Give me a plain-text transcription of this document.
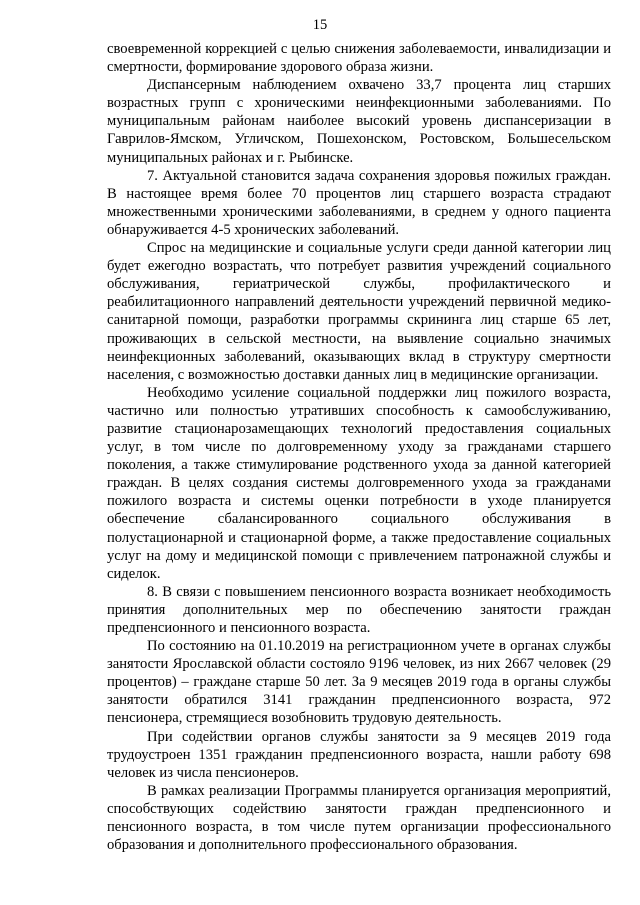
15

своевременной коррекцией с целью снижения заболеваемости, инвалидизации и смертности, формирование здорового образа жизни.

Диспансерным наблюдением охвачено 33,7 процента лиц старших возрастных групп с хроническими неинфекционными заболеваниями. По муниципальным районам наиболее высокий уровень диспансеризации в Гаврилов-Ямском, Угличском, Пошехонском, Ростовском, Большесельском муниципальных районах и г. Рыбинске.

7. Актуальной становится задача сохранения здоровья пожилых граждан. В настоящее время более 70 процентов лиц старшего возраста страдают множественными хроническими заболеваниями, в среднем у одного пациента обнаруживается 4-5 хронических заболеваний.

Спрос на медицинские и социальные услуги среди данной категории лиц будет ежегодно возрастать, что потребует развития учреждений социального обслуживания, гериатрической службы, профилактического и реабилитационного направлений деятельности учреждений первичной медико-санитарной помощи, разработки программы скрининга лиц старше 65 лет, проживающих в сельской местности, на выявление социально значимых неинфекционных заболеваний, оказывающих вклад в структуру смертности населения, с возможностью доставки данных лиц в медицинские организации.

Необходимо усиление социальной поддержки лиц пожилого возраста, частично или полностью утративших способность к самообслуживанию, развитие стационарозамещающих технологий предоставления социальных услуг, в том числе по долговременному уходу за гражданами старшего поколения, а также стимулирование родственного ухода за данной категорией граждан. В целях создания системы долговременного ухода за гражданами пожилого возраста и системы оценки потребности в уходе планируется обеспечение сбалансированного социального обслуживания в полустационарной и стационарной форме, а также предоставление социальных услуг на дому и медицинской помощи с привлечением патронажной службы и сиделок.

8. В связи с повышением пенсионного возраста возникает необходимость принятия дополнительных мер по обеспечению занятости граждан предпенсионного и пенсионного возраста.

По состоянию на 01.10.2019 на регистрационном учете в органах службы занятости Ярославской области состояло 9196 человек, из них 2667 человек (29 процентов) – граждане старше 50 лет. За 9 месяцев 2019 года в органы службы занятости обратился 3141 гражданин предпенсионного возраста, 972 пенсионера, стремящиеся возобновить трудовую деятельность.

При содействии органов службы занятости за 9 месяцев 2019 года трудоустроен 1351 гражданин предпенсионного возраста, нашли работу 698 человек из числа пенсионеров.

В рамках реализации Программы планируется организация мероприятий, способствующих содействию занятости граждан предпенсионного и пенсионного возраста, в том числе путем организации профессионального образования и дополнительного профессионального образования.
